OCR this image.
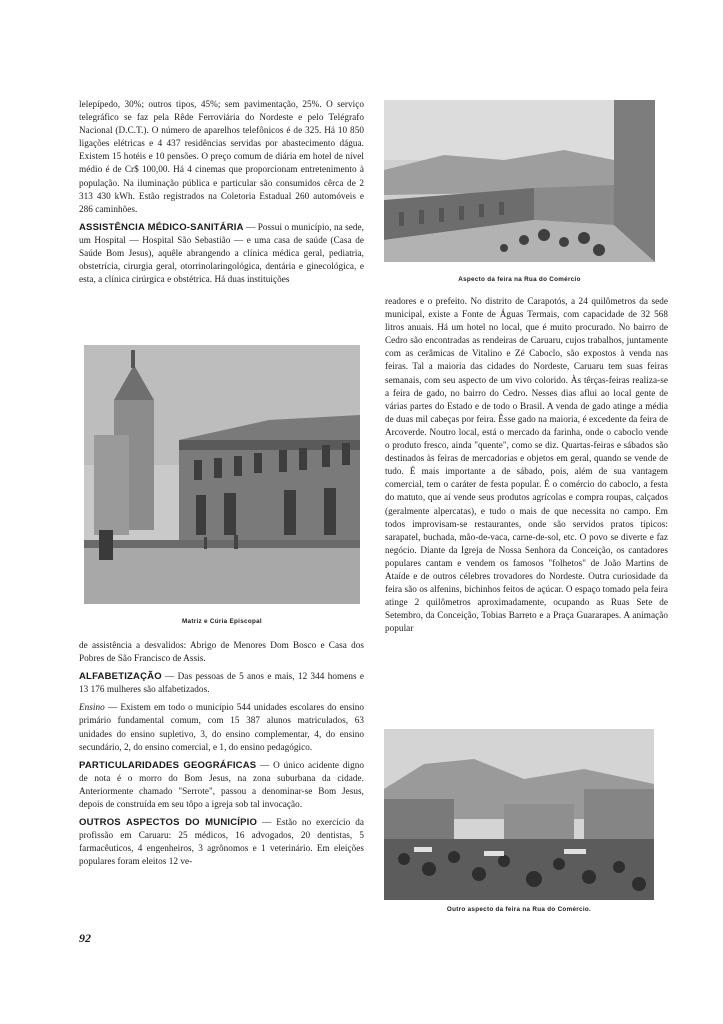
lelepípedo, 30%; outros tipos, 45%; sem pavimentação, 25%. O serviço telegráfico se faz pela Rêde Ferroviária do Nordeste e pelo Telégrafo Nacional (D.C.T.). O número de aparelhos telefônicos é de 325. Há 10 850 ligações elétricas e 4 437 residências servidas por abastecimento dágua. Existem 15 hotéis e 10 pensões. O preço comum de diária em hotel de nível médio é de Cr$ 100,00. Há 4 cinemas que proporcionam entretenimento à população. Na iluminação pública e particular são consumidos cêrca de 2 313 430 kWh. Estão registrados na Coletoria Estadual 260 automóveis e 286 caminhões.

ASSISTÊNCIA MÉDICO-SANITÁRIA — Possui o município, na sede, um Hospital — Hospital São Sebastião — e uma casa de saúde (Casa de Saúde Bom Jesus), aquêle abrangendo a clínica médica geral, pediatria, obstetrícia, cirurgia geral, otorrinolaringológica, dentária e ginecológica, e esta, a clínica cirúrgica e obstétrica. Há duas instituições

Matriz e Cúria Episcopal

de assistência a desvalidos: Abrigo de Menores Dom Bosco e Casa dos Pobres de São Francisco de Assis.

ALFABETIZAÇÃO — Das pessoas de 5 anos e mais, 12 344 homens e 13 176 mulheres são alfabetizados.

Ensino — Existem em todo o município 544 unidades escolares do ensino primário fundamental comum, com 15 387 alunos matriculados, 63 unidades do ensino supletivo, 3, do ensino complementar, 4, do ensino secundário, 2, do ensino comercial, e 1, do ensino pedagógico.

PARTICULARIDADES GEOGRÁFICAS — O único acidente digno de nota é o morro do Bom Jesus, na zona suburbana da cidade. Anteriormente chamado "Serrote", passou a denominar-se Bom Jesus, depois de construída em seu tôpo a igreja sob tal invocação.

OUTROS ASPECTOS DO MUNICÍPIO — Estão no exercício da profissão em Caruaru: 25 médicos, 16 advogados, 20 dentistas, 5 farmacêuticos, 4 engenheiros, 3 agrônomos e 1 veterinário. Em eleições populares foram eleitos 12 ve-

Aspecto da feira na Rua do Comércio

readores e o prefeito. No distrito de Carapotós, a 24 quilômetros da sede municipal, existe a Fonte de Águas Termais, com capacidade de 32 568 litros anuais. Há um hotel no local, que é muito procurado. No bairro de Cedro são encontradas as rendeiras de Caruaru, cujos trabalhos, juntamente com as cerâmicas de Vitalino e Zé Caboclo, são expostos à venda nas feiras. Tal a maioria das cidades do Nordeste, Caruaru tem suas feiras semanais, com seu aspecto de um vivo colorido. Às têrças-feiras realiza-se a feira de gado, no bairro do Cedro. Nesses dias aflui ao local gente de várias partes do Estado e de todo o Brasil. A venda de gado atinge a média de duas mil cabeças por feira. Êsse gado na maioria, é excedente da feira de Arcoverde. Noutro local, está o mercado da farinha, onde o caboclo vende o produto fresco, ainda "quente", como se diz. Quartas-feiras e sábados são destinados às feiras de mercadorias e objetos em geral, quando se vende de tudo. É mais importante a de sábado, pois, além de sua vantagem comercial, tem o caráter de festa popular. É o comércio do caboclo, a festa do matuto, que aí vende seus produtos agrícolas e compra roupas, calçados (geralmente alpercatas), e tudo o mais de que necessita no campo. Em todos improvisam-se restaurantes, onde são servidos pratos típicos: sarapatel, buchada, mão-de-vaca, carne-de-sol, etc. O povo se diverte e faz negócio. Diante da Igreja de Nossa Senhora da Conceição, os cantadores populares cantam e vendem os famosos "folhetos" de João Martins de Ataíde e de outros célebres trovadores do Nordeste. Outra curiosidade da feira são os alfenins, bichinhos feitos de açúcar. O espaço tomado pela feira atinge 2 quilômetros aproximadamente, ocupando as Ruas Sete de Setembro, da Conceição, Tobias Barreto e a Praça Guararapes. A animação popular

Outro aspecto da feira na Rua do Comércio.
92
